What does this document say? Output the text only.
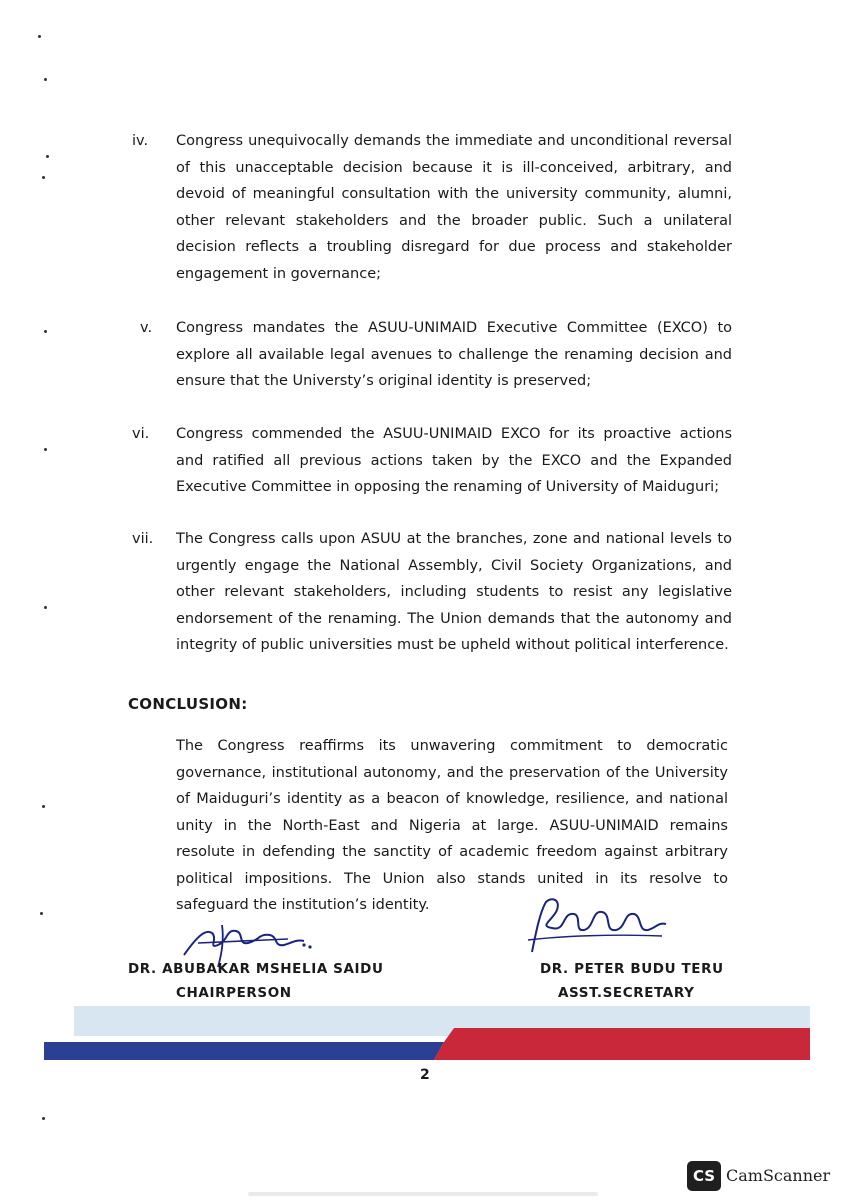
iv.	Congress unequivocally demands the immediate and unconditional reversal of this unacceptable decision because it is ill-conceived, arbitrary, and devoid of meaningful consultation with the university community, alumni, other relevant stakeholders and the broader public. Such a unilateral decision reflects a troubling disregard for due process and stakeholder engagement in governance;
v.	Congress mandates the ASUU-UNIMAID Executive Committee (EXCO) to explore all available legal avenues to challenge the renaming decision and ensure that the Universty’s original identity is preserved;
vi.	Congress commended the ASUU-UNIMAID EXCO for its proactive actions and ratified all previous actions taken by the EXCO and the Expanded Executive Committee in opposing the renaming of University of Maiduguri;
vii.	The Congress calls upon ASUU at the branches, zone and national levels to urgently engage the National Assembly, Civil Society Organizations, and other relevant stakeholders, including students to resist any legislative endorsement of the renaming. The Union demands that the autonomy and integrity of public universities must be upheld without political interference.
CONCLUSION:
The Congress reaffirms its unwavering commitment to democratic governance, institutional autonomy, and the preservation of the University of Maiduguri’s identity as a beacon of knowledge, resilience, and national unity in the North-East and Nigeria at large. ASUU-UNIMAID remains resolute in defending the sanctity of academic freedom against arbitrary political impositions. The Union also stands united in its resolve to safeguard the institution’s identity.
DR. ABUBAKAR MSHELIA SAIDU
CHAIRPERSON
DR. PETER BUDU TERU
ASST.SECRETARY
2
CS CamScanner
